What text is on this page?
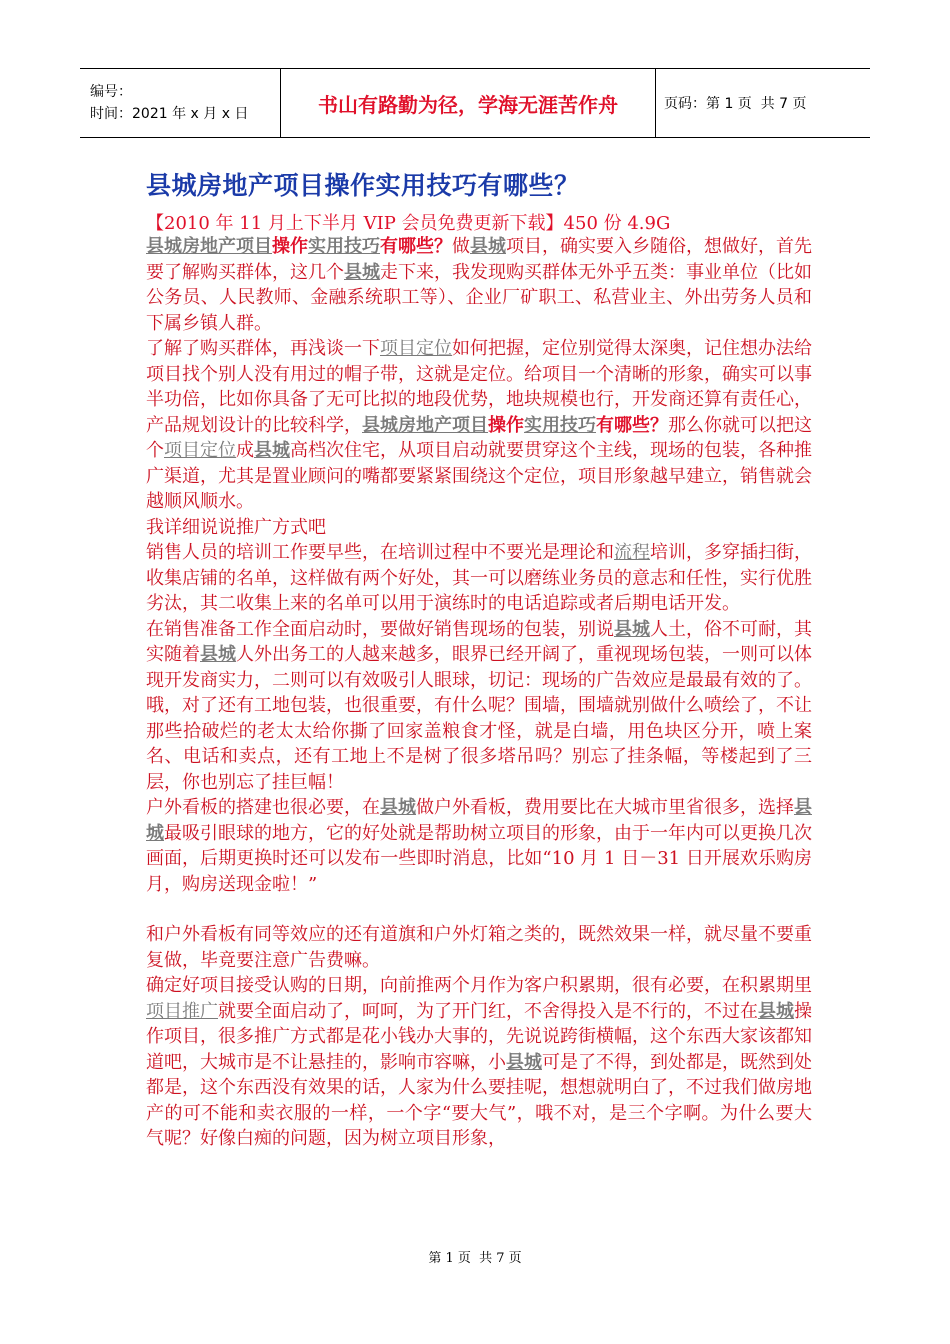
编号：
时间：2021 年 x 月 x 日	书山有路勤为径，学海无涯苦作舟	页码：第 1 页  共 7 页
县城房地产项目操作实用技巧有哪些？
【2010 年 11 月上下半月 VIP 会员免费更新下载】450 份 4.9G

县城房地产项目操作实用技巧有哪些？做县城项目，确实要入乡随俗，想做好，首先要了解购买群体，这几个县城走下来，我发现购买群体无外乎五类：事业单位（比如公务员、人民教师、金融系统职工等）、企业厂矿职工、私营业主、外出劳务人员和下属乡镇人群。

了解了购买群体，再浅谈一下项目定位如何把握，定位别觉得太深奥，记住想办法给项目找个别人没有用过的帽子带，这就是定位。给项目一个清晰的形象，确实可以事半功倍，比如你具备了无可比拟的地段优势，地块规模也行，开发商还算有责任心，产品规划设计的比较科学，县城房地产项目操作实用技巧有哪些？那么你就可以把这个项目定位成县城高档次住宅，从项目启动就要贯穿这个主线，现场的包装，各种推广渠道，尤其是置业顾问的嘴都要紧紧围绕这个定位，项目形象越早建立，销售就会越顺风顺水。

我详细说说推广方式吧

销售人员的培训工作要早些，在培训过程中不要光是理论和流程培训，多穿插扫街，收集店铺的名单，这样做有两个好处，其一可以磨练业务员的意志和任性，实行优胜劣汰，其二收集上来的名单可以用于演练时的电话追踪或者后期电话开发。

在销售准备工作全面启动时，要做好销售现场的包装，别说县城人土，俗不可耐，其实随着县城人外出务工的人越来越多，眼界已经开阔了，重视现场包装，一则可以体现开发商实力，二则可以有效吸引人眼球，切记：现场的广告效应是最最有效的了。

哦，对了还有工地包装，也很重要，有什么呢？围墙，围墙就别做什么喷绘了，不让那些拾破烂的老太太给你撕了回家盖粮食才怪，就是白墙，用色块区分开，喷上案名、电话和卖点，还有工地上不是树了很多塔吊吗？别忘了挂条幅，等楼起到了三层，你也别忘了挂巨幅！

户外看板的搭建也很必要，在县城做户外看板，费用要比在大城市里省很多，选择县城最吸引眼球的地方，它的好处就是帮助树立项目的形象，由于一年内可以更换几次画面，后期更换时还可以发布一些即时消息，比如“10 月 1 日－31 日开展欢乐购房月，购房送现金啦！”

和户外看板有同等效应的还有道旗和户外灯箱之类的，既然效果一样，就尽量不要重复做，毕竟要注意广告费嘛。

确定好项目接受认购的日期，向前推两个月作为客户积累期，很有必要，在积累期里项目推广就要全面启动了，呵呵，为了开门红，不舍得投入是不行的，不过在县城操作项目，很多推广方式都是花小钱办大事的，先说说跨街横幅，这个东西大家该都知道吧，大城市是不让悬挂的，影响市容嘛，小县城可是了不得，到处都是，既然到处都是，这个东西没有效果的话，人家为什么要挂呢，想想就明白了，不过我们做房地产的可不能和卖衣服的一样，一个字“要大气”，哦不对，是三个字啊。为什么要大气呢？好像白痴的问题，因为树立项目形象，

第 1 页  共 7 页
